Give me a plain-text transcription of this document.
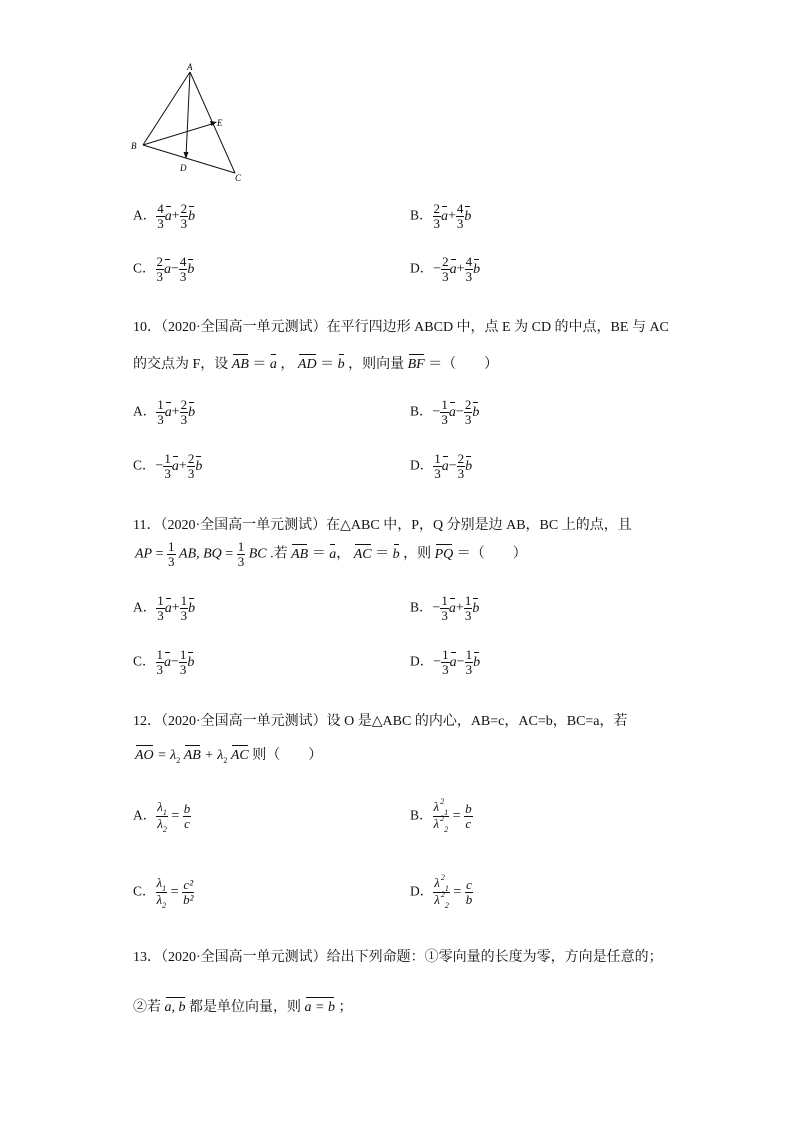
A
B
C
D
E
A． $\frac{4}{3} a+ \frac{2}{3}$ b	B． $\frac{2}{3} a+ \frac{4}{3}$ b
C． $\frac{2}{3} a- \frac{4}{3}$ b	D．− $\frac{2}{3} a+ \frac{4}{3}$ b
10．（2020·全国高一单元测试）在平行四边形 ABCD 中，点 E 为 CD 的中点，BE 与 AC
的交点为 F，设 AB ＝ a ， AD ＝ b ，则向量 BF ＝（　　）
A． $\frac{1}{3} a+ \frac{2}{3}$ b	B．− $\frac{1}{3} a- \frac{2}{3}$ b
C．− $\frac{1}{3} a+ \frac{2}{3}$ b	D． $\frac{1}{3} a- \frac{2}{3}$ b
11．（2020·全国高一单元测试）在△ABC 中，P，Q 分别是边 AB，BC 上的点，且
AP = $\frac{1}{3}$ AB, BQ = $\frac{1}{3}$ BC .若 AB ＝ a， AC ＝ b ，则 PQ ＝（　　）
A． $\frac{1}{3} a+ \frac{1}{3}$ b	B．− $\frac{1}{3} a+ \frac{1}{3}$ b
C． $\frac{1}{3} a- \frac{1}{3}$ b	D．− $\frac{1}{3} a- \frac{1}{3}$ b
12．（2020·全国高一单元测试）设 O 是△ABC 的内心，AB=c，AC=b，BC=a，若
AO = $\lambda_2$ AB + $\lambda_2$ AC 则（　　）
A． $\frac{\lambda_1}{\lambda_2} = \frac{b}{c}$	B． $\frac{\lambda^2_1}{\lambda^2_2} = \frac{b}{c}$
C． $\frac{\lambda_1}{\lambda_2} = \frac{\text{c²}}{\text{b²}}$	D． $\frac{\lambda^2_1}{\lambda^2_2} = \frac{c}{b}$
13．（2020·全国高一单元测试）给出下列命题：①零向量的长度为零，方向是任意的；
②若 a, b 都是单位向量，则 a = b ；
